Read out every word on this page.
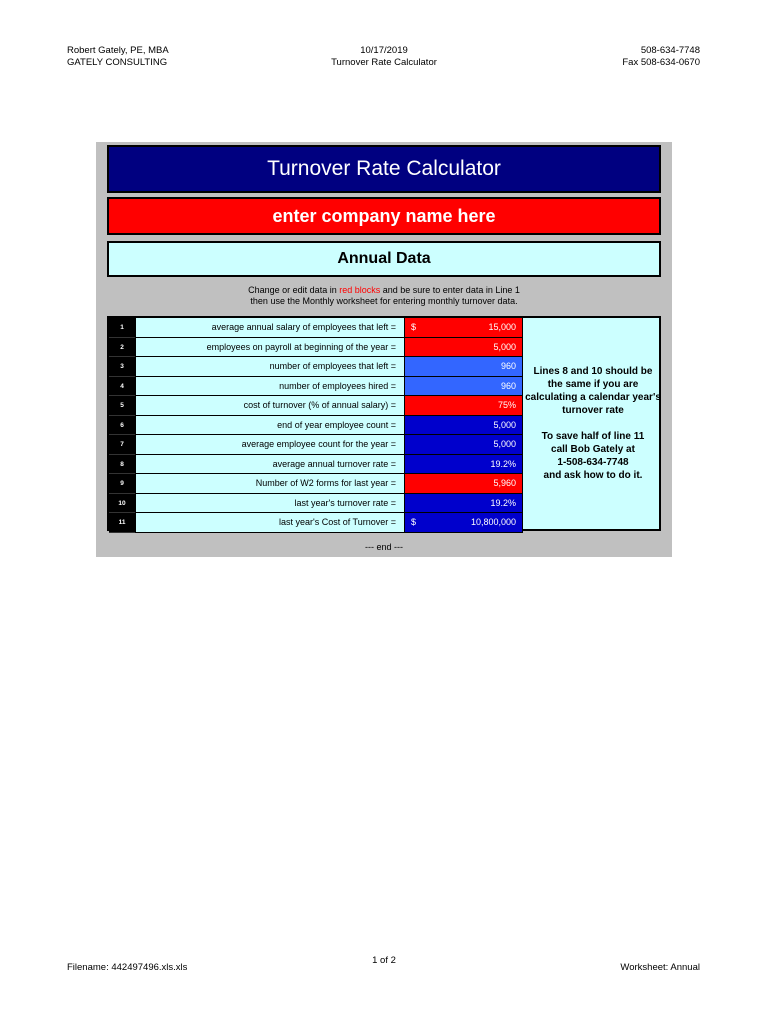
Robert Gately, PE, MBA
GATELY CONSULTING
10/17/2019
Turnover Rate Calculator
508-634-7748
Fax 508-634-0670
Turnover Rate Calculator
enter company name here
Annual Data
Change or edit data in red blocks and be sure to enter data in Line 1
then use the Monthly worksheet for entering monthly turnover data.
1	average annual salary of employees that left =	$	15,000
2	employees on payroll at beginning of the year =	5,000
3	number of employees that left =	960
4	number of employees hired =	960
5	cost of turnover (% of annual salary) =	75%
6	end of year employee count =	5,000
7	average employee count for the year =	5,000
8	average annual turnover rate =	19.2%
9	Number of W2 forms for last year =	5,960
10	last year's turnover rate =	19.2%
11	last year's Cost of Turnover =	$	10,800,000

Lines 8 and 10 should be the same if you are calculating a calendar year's turnover rate

To save half of line 11
call Bob Gately at
1-508-634-7748
and ask how to do it.
--- end ---
Filename: 442497496.xls.xls
1 of 2
Worksheet: Annual
